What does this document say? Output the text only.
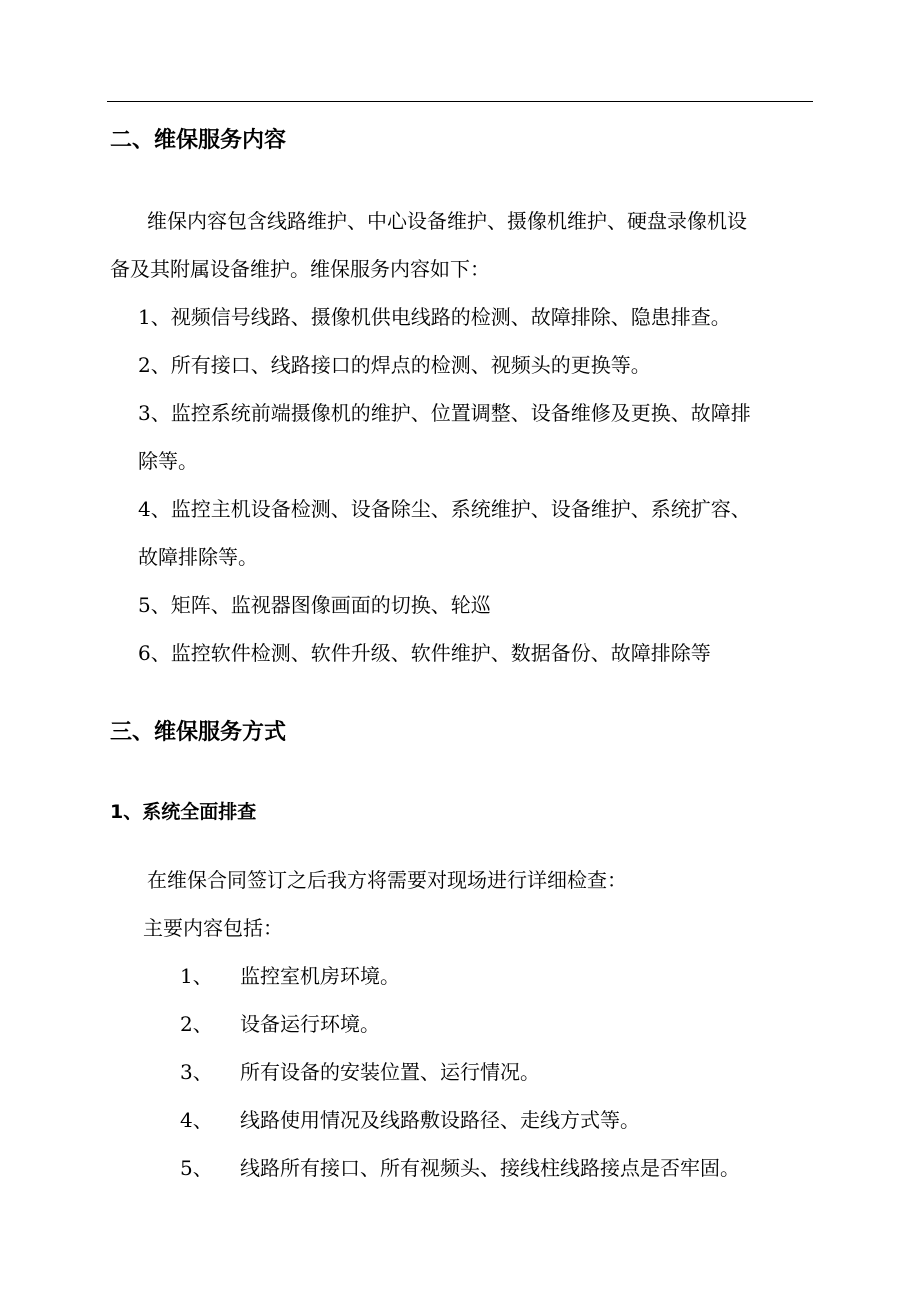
二、维保服务内容
维保内容包含线路维护、中心设备维护、摄像机维护、硬盘录像机设
备及其附属设备维护。维保服务内容如下：
1、视频信号线路、摄像机供电线路的检测、故障排除、隐患排查。
2、所有接口、线路接口的焊点的检测、视频头的更换等。
3、监控系统前端摄像机的维护、位置调整、设备维修及更换、故障排
除等。
4、监控主机设备检测、设备除尘、系统维护、设备维护、系统扩容、
故障排除等。
5、矩阵、监视器图像画面的切换、轮巡
6、监控软件检测、软件升级、软件维护、数据备份、故障排除等
三、维保服务方式
1、系统全面排查
在维保合同签订之后我方将需要对现场进行详细检查：
主要内容包括：
1、 监控室机房环境。
2、 设备运行环境。
3、 所有设备的安装位置、运行情况。
4、 线路使用情况及线路敷设路径、走线方式等。
5、 线路所有接口、所有视频头、接线柱线路接点是否牢固。
